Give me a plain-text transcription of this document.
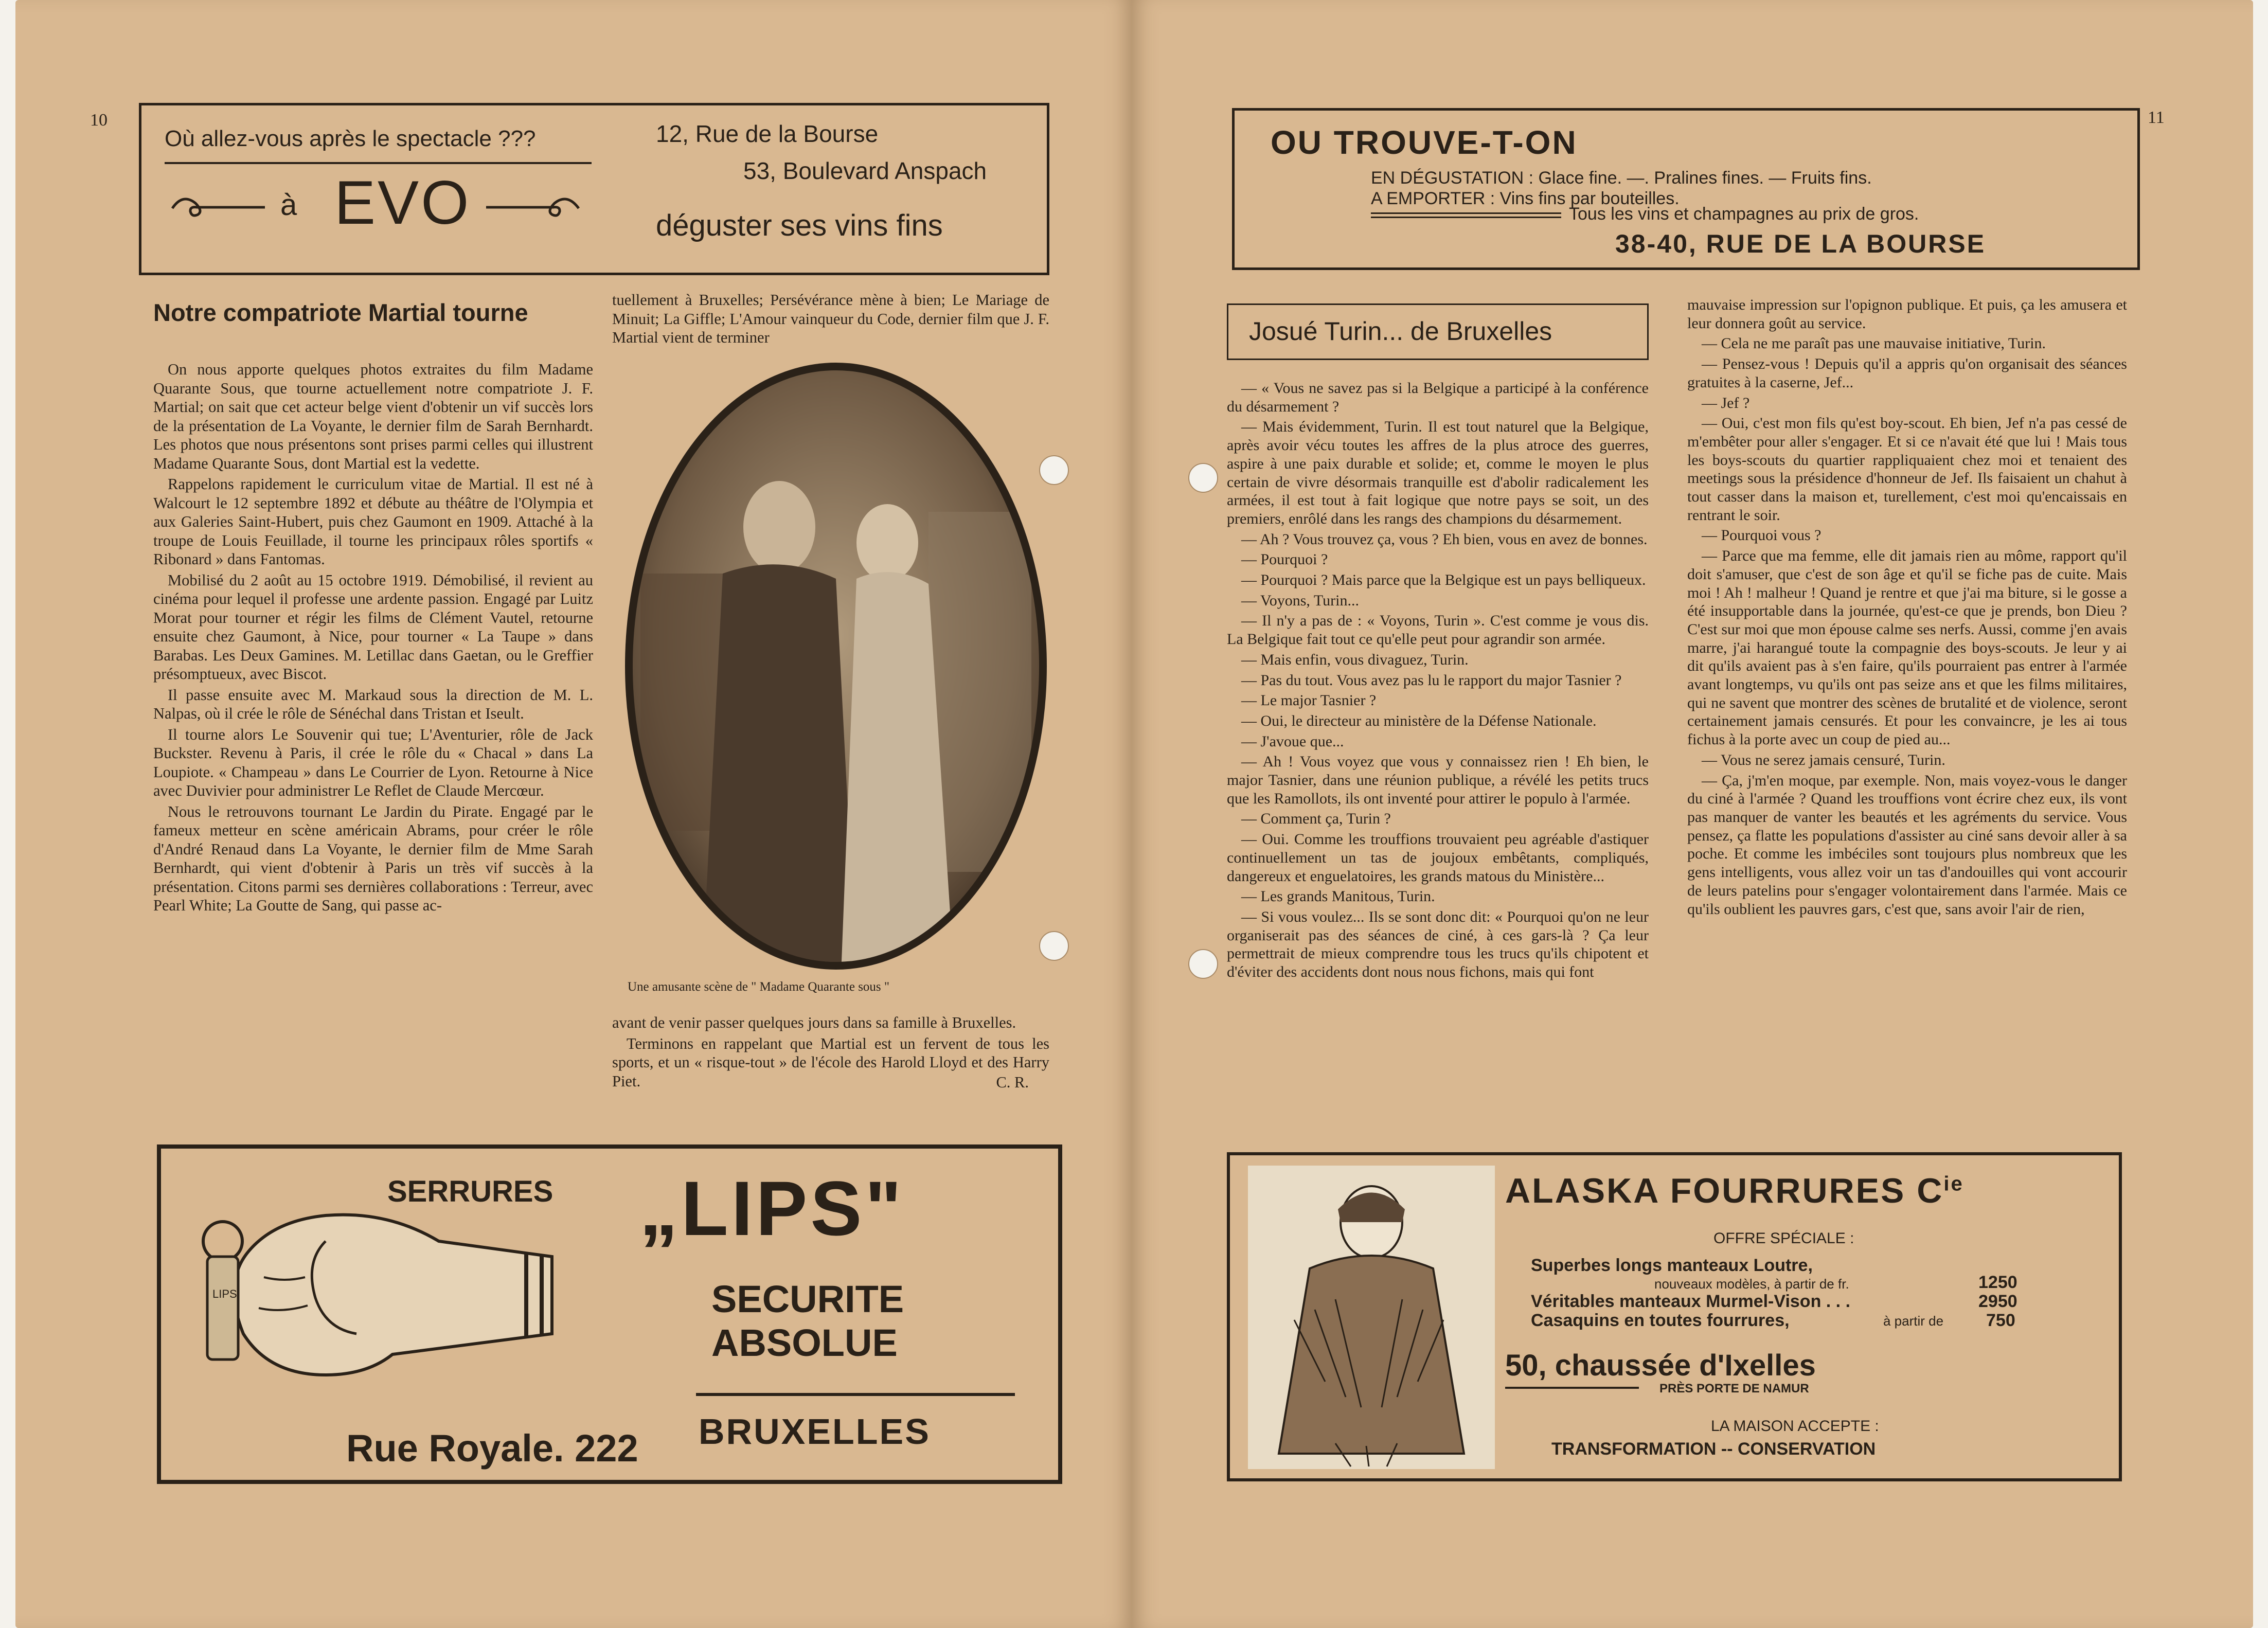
10
Où allez-vous après le spectacle ???
à EVO
12, Rue de la Bourse
53, Boulevard Anspach
déguster ses vins fins
Notre compatriote Martial tourne

On nous apporte quelques photos extraites du film Madame Quarante Sous, que tourne actuellement notre compatriote J. F. Martial; on sait que cet acteur belge vient d'obtenir un vif succès lors de la présentation de La Voyante, le dernier film de Sarah Bernhardt. Les photos que nous présentons sont prises parmi celles qui illustrent Madame Quarante Sous, dont Martial est la vedette.

Rappelons rapidement le curriculum vitae de Martial. Il est né à Walcourt le 12 septembre 1892 et débute au théâtre de l'Olympia et aux Galeries Saint-Hubert, puis chez Gaumont en 1909. Attaché à la troupe de Louis Feuillade, il tourne les principaux rôles sportifs « Ribonard » dans Fantomas.

Mobilisé du 2 août au 15 octobre 1919. Démobilisé, il revient au cinéma pour lequel il professe une ardente passion. Engagé par Luitz Morat pour tourner et régir les films de Clément Vautel, retourne ensuite chez Gaumont, à Nice, pour tourner « La Taupe » dans Barabas. Les Deux Gamines. M. Letillac dans Gaetan, ou le Greffier présomptueux, avec Biscot.

Il passe ensuite avec M. Markaud sous la direction de M. L. Nalpas, où il crée le rôle de Sénéchal dans Tristan et Iseult.

Il tourne alors Le Souvenir qui tue; L'Aventurier, rôle de Jack Buckster. Revenu à Paris, il crée le rôle du « Chacal » dans La Loupiote. « Champeau » dans Le Courrier de Lyon. Retourne à Nice avec Duvivier pour administrer Le Reflet de Claude Mercœur.

Nous le retrouvons tournant Le Jardin du Pirate. Engagé par le fameux metteur en scène américain Abrams, pour créer le rôle d'André Renaud dans La Voyante, le dernier film de Mme Sarah Bernhardt, qui vient d'obtenir à Paris un très vif succès à la présentation. Citons parmi ses dernières collaborations : Terreur, avec Pearl White; La Goutte de Sang, qui passe ac-

tuellement à Bruxelles; Persévérance mène à bien; Le Mariage de Minuit; La Giffle; L'Amour vainqueur du Code, dernier film que J. F. Martial vient de terminer

Une amusante scène de " Madame Quarante sous "

avant de venir passer quelques jours dans sa famille à Bruxelles.

Terminons en rappelant que Martial est un fervent de tous les sports, et un « risque-tout » de l'école des Harold Lloyd et des Harry Piet.	C. R.
LIPS
SERRURES
Rue Royale. 222
„LIPS"
SECURITE
ABSOLUE
BRUXELLES
11
OU TROUVE-T-ON
EN DÉGUSTATION : Glace fine. —. Pralines fines. — Fruits fins.
A EMPORTER : Vins fins par bouteilles.
Tous les vins et champagnes au prix de gros.
38-40, RUE DE LA BOURSE
Josué Turin... de Bruxelles

— « Vous ne savez pas si la Belgique a participé à la conférence du désarmement ?

— Mais évidemment, Turin. Il est tout naturel que la Belgique, après avoir vécu toutes les affres de la plus atroce des guerres, aspire à une paix durable et solide; et, comme le moyen le plus certain de vivre désormais tranquille est d'abolir radicalement les armées, il est tout à fait logique que notre pays se soit, un des premiers, enrôlé dans les rangs des champions du désarmement.

— Ah ? Vous trouvez ça, vous ? Eh bien, vous en avez de bonnes.

— Pourquoi ?

— Pourquoi ? Mais parce que la Belgique est un pays belliqueux.

— Voyons, Turin...

— Il n'y a pas de : « Voyons, Turin ». C'est comme je vous dis. La Belgique fait tout ce qu'elle peut pour agrandir son armée.

— Mais enfin, vous divaguez, Turin.

— Pas du tout. Vous avez pas lu le rapport du major Tasnier ?

— Le major Tasnier ?

— Oui, le directeur au ministère de la Défense Nationale.

— J'avoue que...

— Ah ! Vous voyez que vous y connaissez rien ! Eh bien, le major Tasnier, dans une réunion publique, a révélé les petits trucs que les Ramollots, ils ont inventé pour attirer le populo à l'armée.

— Comment ça, Turin ?

— Oui. Comme les trouffions trouvaient peu agréable d'astiquer continuellement un tas de joujoux embêtants, compliqués, dangereux et enguelatoires, les grands matous du Ministère...

— Les grands Manitous, Turin.

— Si vous voulez... Ils se sont donc dit: « Pourquoi qu'on ne leur organiserait pas des séances de ciné, à ces gars-là ? Ça leur permettrait de mieux comprendre tous les trucs qu'ils chipotent et d'éviter des accidents dont nous nous fichons, mais qui font

mauvaise impression sur l'opignon publique. Et puis, ça les amusera et leur donnera goût au service.

— Cela ne me paraît pas une mauvaise initiative, Turin.

— Pensez-vous ! Depuis qu'il a appris qu'on organisait des séances gratuites à la caserne, Jef...

— Jef ?

— Oui, c'est mon fils qu'est boy-scout. Eh bien, Jef n'a pas cessé de m'embêter pour aller s'engager. Et si ce n'avait été que lui ! Mais tous les boys-scouts du quartier rappliquaient chez moi et tenaient des meetings sous la présidence d'honneur de Jef. Ils faisaient un chahut à tout casser dans la maison et, turellement, c'est moi qu'encaissais en rentrant le soir.

— Pourquoi vous ?

— Parce que ma femme, elle dit jamais rien au môme, rapport qu'il doit s'amuser, que c'est de son âge et qu'il se fiche pas de cuite. Mais moi ! Ah ! malheur ! Quand je rentre et que j'ai ma biture, si le gosse a été insupportable dans la journée, qu'est-ce que je prends, bon Dieu ? C'est sur moi que mon épouse calme ses nerfs. Aussi, comme j'en avais marre, j'ai harangué toute la compagnie des boys-scouts. Je leur y ai dit qu'ils avaient pas à s'en faire, qu'ils pourraient pas entrer à l'armée avant longtemps, vu qu'ils ont pas seize ans et que les films militaires, qui ne savent que montrer des scènes de brutalité et de violence, seront certainement jamais censurés. Et pour les convaincre, je les ai tous fichus à la porte avec un coup de pied au...

— Vous ne serez jamais censuré, Turin.

— Ça, j'm'en moque, par exemple. Non, mais voyez-vous le danger du ciné à l'armée ? Quand les trouffions vont écrire chez eux, ils vont pas manquer de vanter les beautés et les agréments du service. Vous pensez, ça flatte les populations d'assister au ciné sans devoir aller à sa poche. Et comme les imbéciles sont toujours plus nombreux que les gens intelligents, vous allez voir un tas d'andouilles qui vont accourir de leurs patelins pour s'engager volontairement dans l'armée. Mais ce qu'ils oublient les pauvres gars, c'est que, sans avoir l'air de rien,

ALASKA FOURRURES $C^{ie}$
OFFRE SPÉCIALE :
Superbes longs manteaux Loutre,
nouveaux modèles, à partir de fr.	1250
Véritables manteaux Murmel-Vison . . .	2950
Casaquins en toutes fourrures,	à partir de 750
50, chaussée d'Ixelles
PRÈS PORTE DE NAMUR
LA MAISON ACCEPTE :
TRANSFORMATION -- CONSERVATION
